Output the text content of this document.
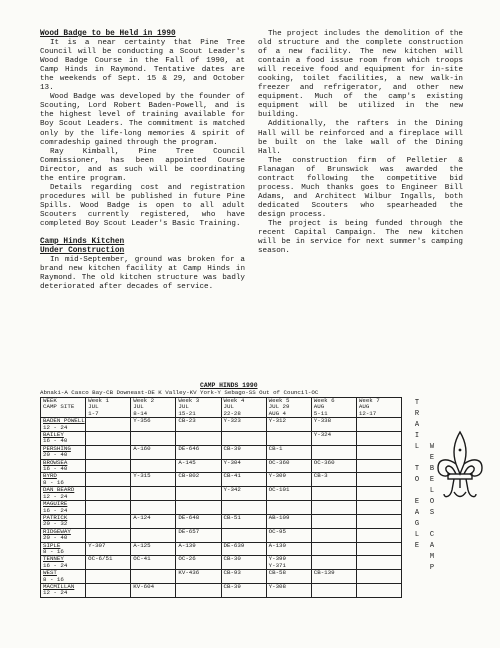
Wood Badge to be Held in 1990

It is a near certainty that Pine Tree Council will be conducting a Scout Leader's Wood Badge Course in the Fall of 1990, at Camp Hinds in Raymond. Tentative dates are the weekends of Sept. 15 & 29, and October 13.

Wood Badge was developed by the founder of Scouting, Lord Robert Baden-Powell, and is the highest level of training available for Boy Scout Leaders. The commitment is matched only by the life-long memories & spirit of comradeship gained through the program.

Ray Kimball, Pine Tree Council Commissioner, has been appointed Course Director, and as such will be coordinating the entire program.

Details regarding cost and registration procedures will be published in future Pine Spills. Wood Badge is open to all adult Scouters currently registered, who have completed Boy Scout Leader's Basic Training.

Camp Hinds Kitchen

Under Construction

In mid-September, ground was broken for a brand new kitchen facility at Camp Hinds in Raymond. The old kitchen structure was badly deteriorated after decades of service.

The project includes the demolition of the old structure and the complete construction of a new facility. The new kitchen will contain a food issue room from which troops will receive food and equipment for in-site cooking, toilet facilities, a new walk-in freezer and refrigerator, and other new equipment. Much of the camp's existing equipment will be utilized in the new building.

Additionally, the rafters in the Dining Hall will be reinforced and a fireplace will be built on the lake wall of the Dining Hall.

The construction firm of Pelletier & Flanagan of Brunswick was awarded the contract following the competitive bid process. Much thanks goes to Engineer Bill Adams, and Architect Wilbur Ingalls, both dedicated Scouters who spearheaded the design process.

The project is being funded through the recent Capital Campaign. The new kitchen will be in service for next summer's camping season.

CAMP HINDS 1990
Abnaki-A Casco Bay-CB Downeast-DE K Valley-KV York-Y Sebago-SS Out of Council-OC
WEEK
CAMP SITE	Week 1
JUL
1-7	Week 2
JUL
8-14	Week 3
JUL
15-21	Week 4
JUL
22-28	Week 5
JUL 29
AUG 4	Week 6
AUG
5-11	Week 7
AUG
12-17

BADEN POWELL
12 - 24		Y-356	CB-23	Y-323	Y-312	Y-338	

BAILEY
16 - 40						Y-324	

PERSHING
20 - 40		A-160	DE-646	CB-39	CB-1		

BROWSEA
16 - 40			A-145	Y-304	OC-360	OC-360	

BYRD
8 - 16		Y-315	CB-802	CB-41	Y-309	CB-3	

DAN BEARD
12 - 24				Y-342	OC-101		

MAGUIRE
16 - 24							

PATRICK
20 - 32		A-124	DE-648	CB-51	AB-109		

RIDGEWAY
20 - 40			DE-657		OC-95		

SIPLE
8 - 16	Y-307	A-125	A-139	DE-639	A-130		

TENNEY
16 - 24	OC-6/51	OC-41	OC-26	CB-30	Y-399
Y-371		

WEST
8 - 16			KV-436	CB-93	CB-58	CB-139	

MACMILLAN
12 - 24		KV-604		CB-39	Y-308		
T
R
A
I
L

T
O

E
A
G
L
E
W
E
B
E
L
O
S

C
A
M
P
